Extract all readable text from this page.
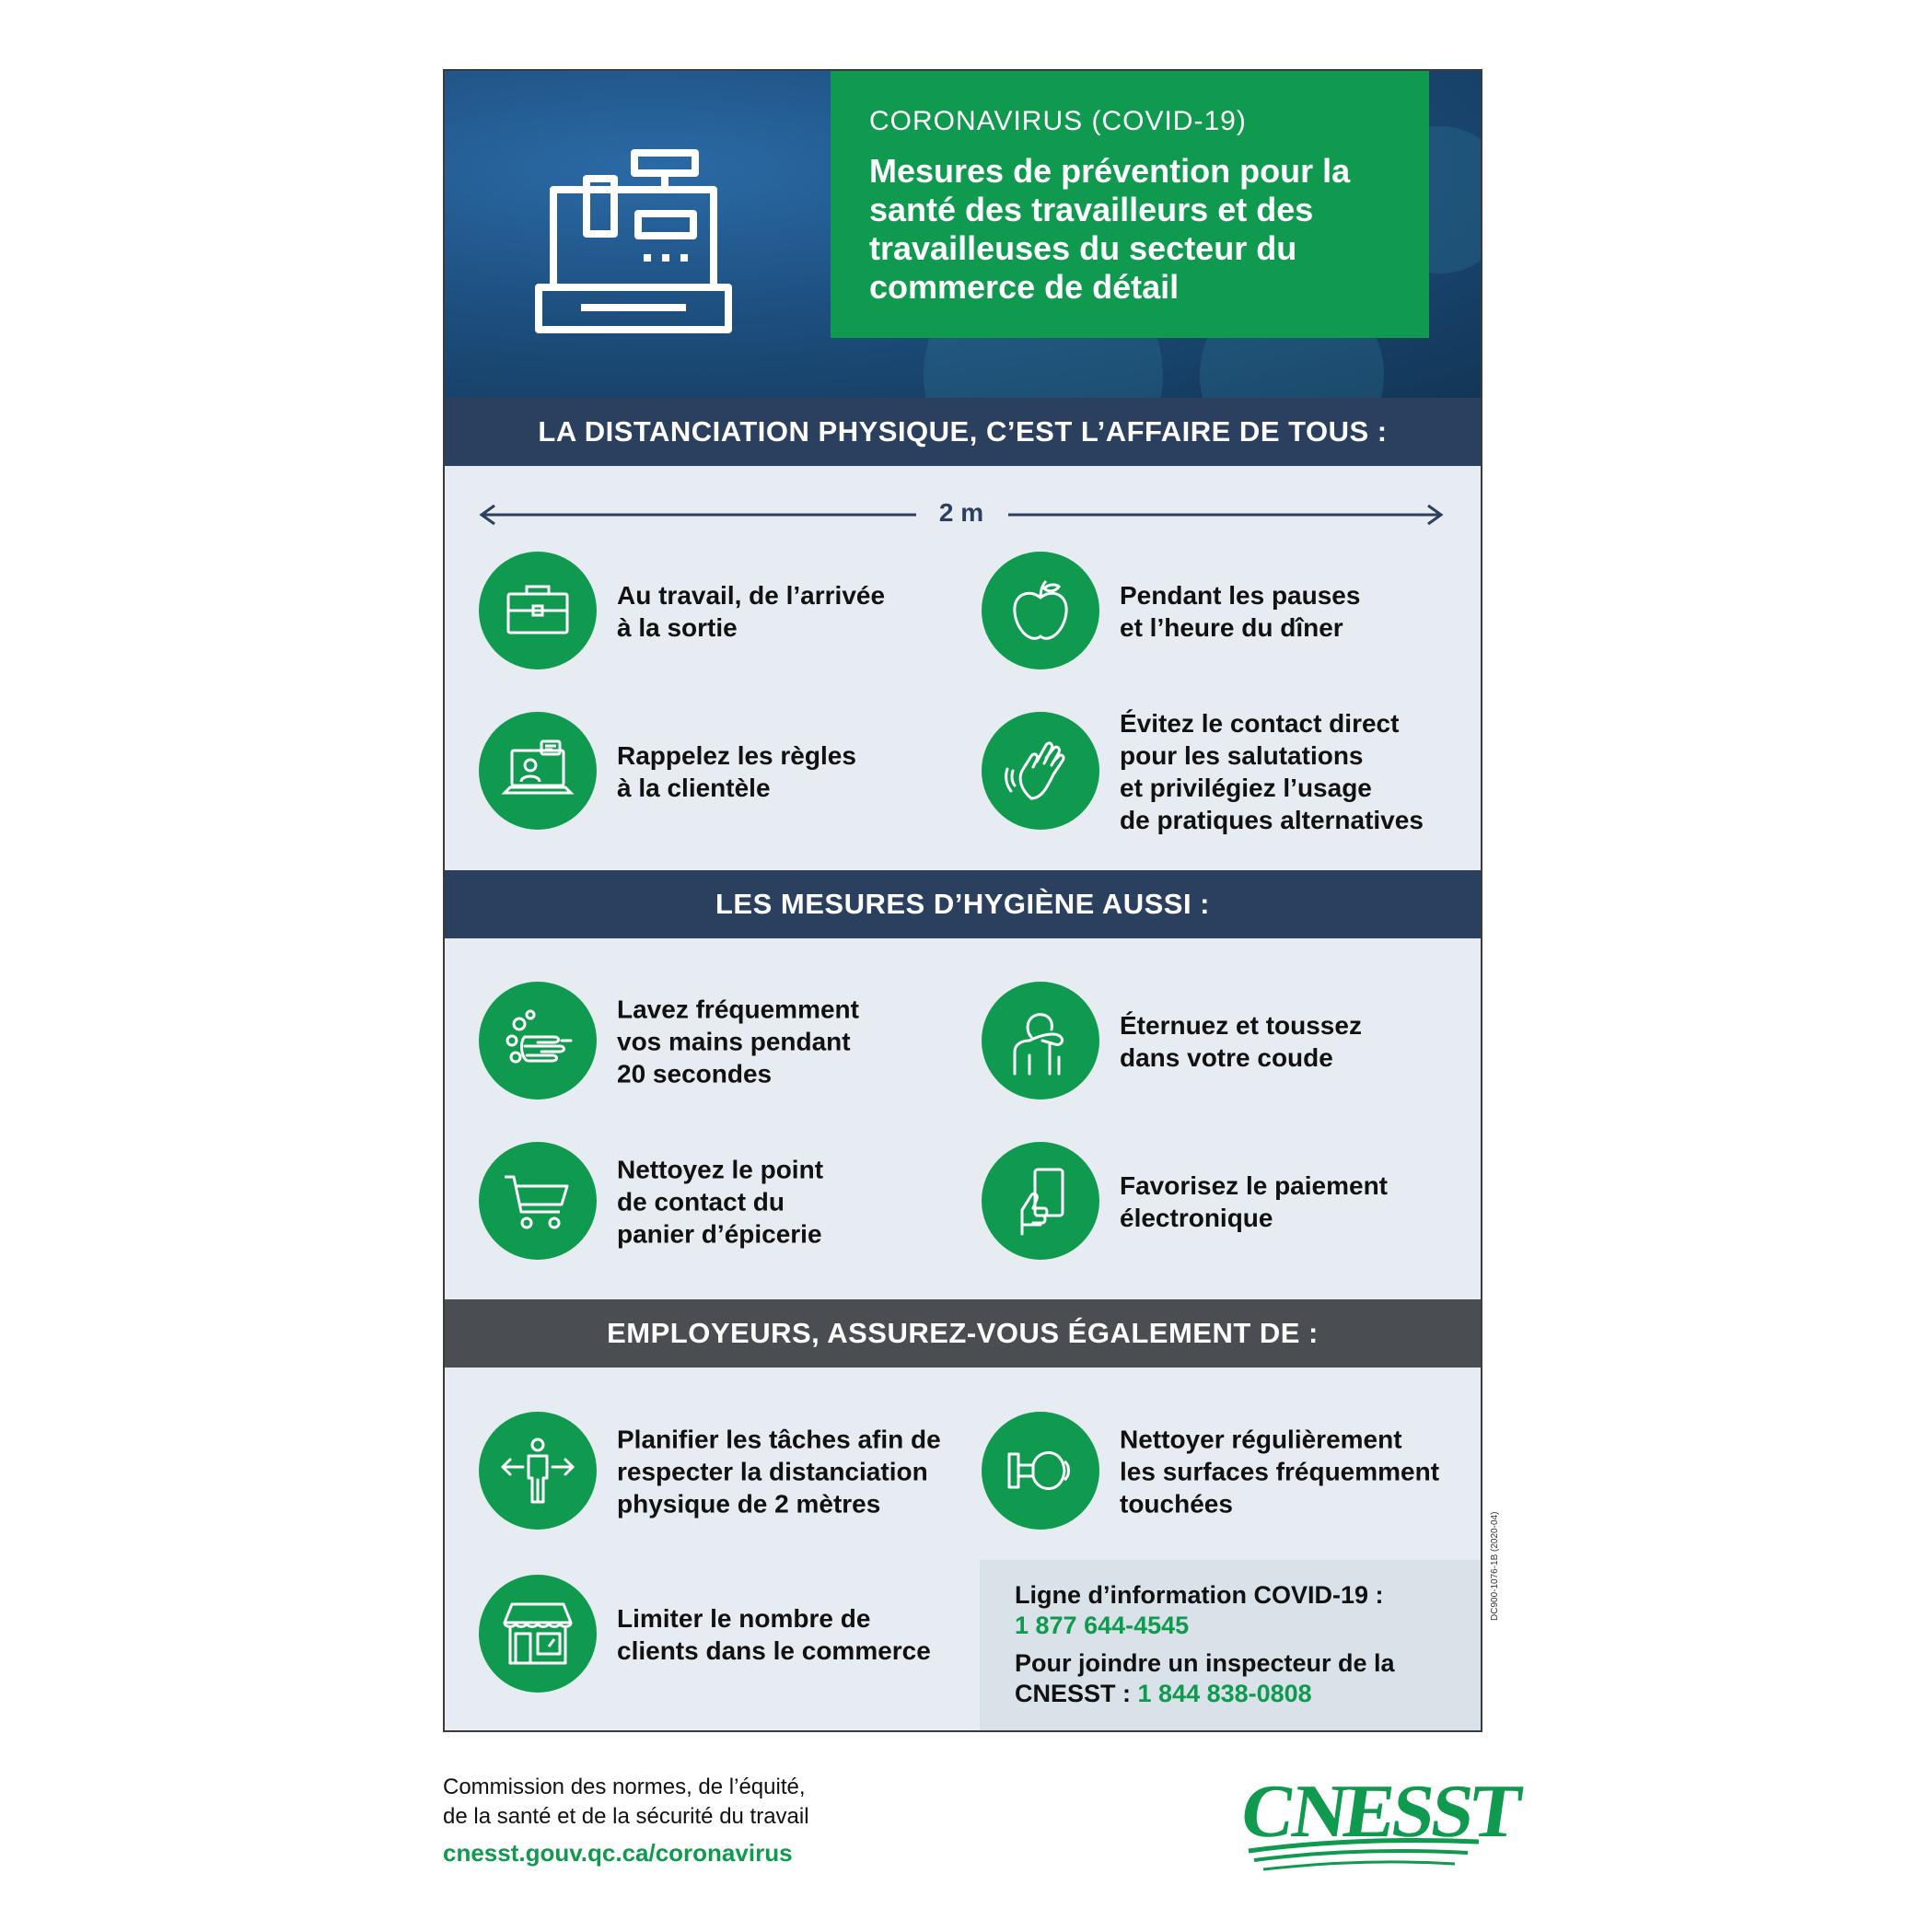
CORONAVIRUS (COVID-19)
Mesures de prévention pour la santé des travailleurs et des travailleuses du secteur du commerce de détail
LA DISTANCIATION PHYSIQUE, C’EST L’AFFAIRE DE TOUS :
2 m
Au travail, de l’arrivée
à la sortie
Pendant les pauses
et l’heure du dîner
Rappelez les règles
à la clientèle
Évitez le contact direct
pour les salutations
et privilégiez l’usage
de pratiques alternatives
LES MESURES D’HYGIÈNE AUSSI :
Lavez fréquemment
vos mains pendant
20 secondes
Éternuez et toussez
dans votre coude
Nettoyez le point
de contact du
panier d’épicerie
Favorisez le paiement
électronique
EMPLOYEURS, ASSUREZ-VOUS ÉGALEMENT DE :
Planifier les tâches afin de
respecter la distanciation
physique de 2 mètres
Nettoyer régulièrement
les surfaces fréquemment
touchées
Limiter le nombre de
clients dans le commerce
Ligne d’information COVID-19 :
1 877 644-4545
Pour joindre un inspecteur de la
CNESST : 1 844 838-0808
DC900-1076-1B (2020-04)
Commission des normes, de l’équité,
de la santé et de la sécurité du travail
cnesst.gouv.qc.ca/coronavirus	CNESST
